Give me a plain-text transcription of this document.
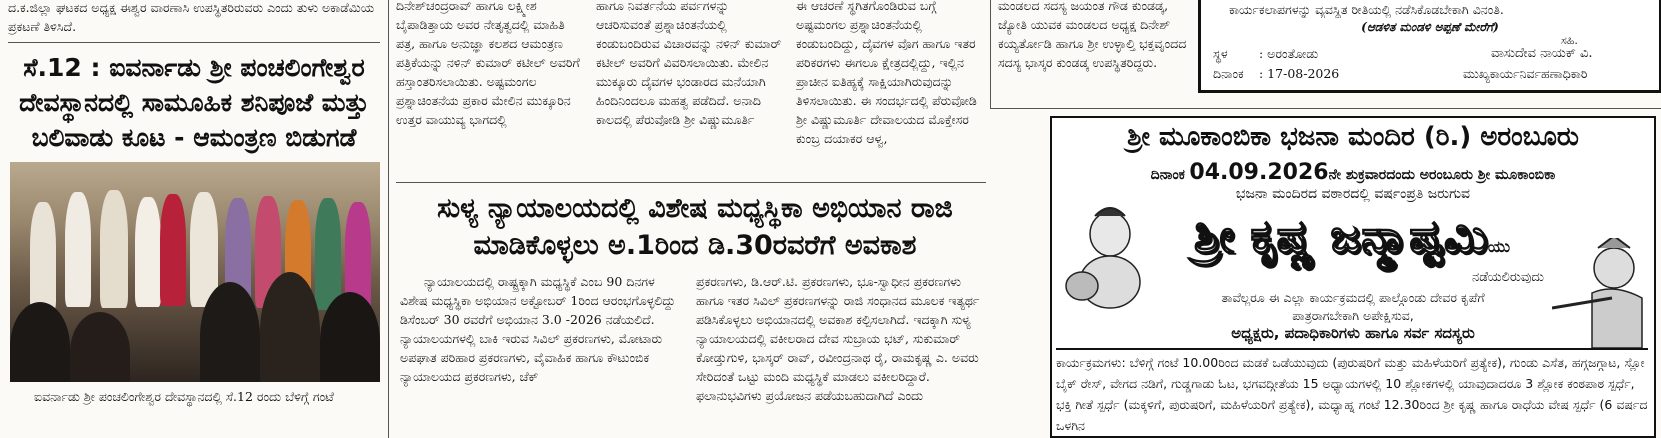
ದ.ಕ.ಜಿಲ್ಲಾ ಘಟಕದ ಅಧ್ಯಕ್ಷ ಈಶ್ವರ ವಾರಣಾಸಿ ಉಪಸ್ಥಿತರಿರುವರು ಎಂದು ತುಳು ಅಕಾಡೆಮಿಯ ಪ್ರಕಟಣೆ ತಿಳಿಸಿದೆ.
ಸೆ.12 : ಐವರ್ನಾಡು ಶ್ರೀ ಪಂಚಲಿಂಗೇಶ್ವರ ದೇವಸ್ಥಾನದಲ್ಲಿ ಸಾಮೂಹಿಕ ಶನಿಪೂಜೆ ಮತ್ತು ಬಲಿವಾಡು ಕೂಟ - ಆಮಂತ್ರಣ ಬಿಡುಗಡೆ
ಐವರ್ನಾಡು ಶ್ರೀ ಪಂಚಲಿಂಗೇಶ್ವರ ದೇವಸ್ಥಾನದಲ್ಲಿ ಸೆ.12 ರಂದು ಬೆಳಿಗ್ಗೆ ಗಂಟೆ
ದಿನೇಶ್‌ಚಂದ್ರರಾವ್ ಹಾಗೂ ಲಕ್ಷ್ಮೀಶ ಬೈಪಾಡಿತ್ತಾಯ ಅವರ ನೇತೃತ್ವದಲ್ಲಿ ಮಾಹಿತಿ ಪತ್ರ, ಹಾಗೂ ಅನುಜ್ಞಾ ಕಲಶದ ಆಮಂತ್ರಣ ಪತ್ರಿಕೆಯನ್ನು ನಳಿನ್ ಕುಮಾರ್ ಕಟೀಲ್ ಅವರಿಗೆ ಹಸ್ತಾಂತರಿಸಲಾಯಿತು. ಅಷ್ಟಮಂಗಲ ಪ್ರಶ್ನಾಚಿಂತನೆಯ ಪ್ರಕಾರ ಮೇಲಿನ ಮುಕ್ಕೂರಿನ ಉತ್ತರ ವಾಯುವ್ಯ ಭಾಗದಲ್ಲಿ
ಹಾಗೂ ನಿವರ್ತನೆಯ ಪರ್ವಗಳನ್ನು ಆಚರಿಸುವಂತೆ ಪ್ರಶ್ನಾಚಿಂತನೆಯಲ್ಲಿ ಕಂಡುಬಂದಿರುವ ವಿಚಾರವನ್ನು ನಳಿನ್ ಕುಮಾರ್ ಕಟೀಲ್ ಅವರಿಗೆ ವಿವರಿಸಲಾಯಿತು. ಮೇಲಿನ ಮುಕ್ಕೂರು ದೈವಗಳ ಭಂಡಾರದ ಮನೆಯಾಗಿ ಹಿಂದಿನಿಂದಲೂ ಮಹತ್ವ ಪಡೆದಿದೆ. ಅನಾದಿ ಕಾಲದಲ್ಲಿ ಪೆರುವೋಡಿ ಶ್ರೀ ವಿಷ್ಣುಮೂರ್ತಿ
ಈ ಆಚರಣೆ ಸ್ಥಗಿತಗೊಂಡಿರುವ ಬಗ್ಗೆ ಅಷ್ಟಮಂಗಲ ಪ್ರಶ್ನಾಚಿಂತನೆಯಲ್ಲಿ ಕಂಡುಬಂದಿದ್ದು, ದೈವಗಳ ವೊಗ ಹಾಗೂ ಇತರ ಪರಿಕರಗಳು ಈಗಲೂ ಕ್ಷೇತ್ರದಲ್ಲಿದ್ದು, ಇಲ್ಲಿನ ಪ್ರಾಚೀನ ಐತಿಹ್ಯಕ್ಕೆ ಸಾಕ್ಷಿಯಾಗಿರುವುದನ್ನು ತಿಳಿಸಲಾಯಿತು. ಈ ಸಂದರ್ಭದಲ್ಲಿ ಪೆರುವೋಡಿ ಶ್ರೀ ವಿಷ್ಣುಮೂರ್ತಿ ದೇವಾಲಯದ ಮೊಕ್ತೇಸರ ಕುಂಬ್ರ ದಯಾಕರ ಆಳ್ವ,
ಸುಳ್ಯ ನ್ಯಾಯಾಲಯದಲ್ಲಿ ವಿಶೇಷ ಮಧ್ಯಸ್ಥಿಕಾ ಅಭಿಯಾನ ರಾಜಿ ಮಾಡಿಕೊಳ್ಳಲು ಅ.1ರಿಂದ ಡಿ.30ರವರೆಗೆ ಅವಕಾಶ
ನ್ಯಾಯಾಲಯದಲ್ಲಿ ರಾಷ್ಟ್ರಕ್ಕಾಗಿ ಮಧ್ಯಸ್ಥಿಕೆ ಎಂಬ 90 ದಿನಗಳ ವಿಶೇಷ ಮಧ್ಯಸ್ಥಿಕಾ ಅಭಿಯಾನ ಅಕ್ಟೋಬರ್ 1ರಿಂದ ಆರಂಭಗೊಳ್ಳಲಿದ್ದು ಡಿಸೆಂಬರ್ 30 ರವರೆಗೆ ಅಭಿಯಾನ 3.0 -2026 ನಡೆಯಲಿದೆ. ನ್ಯಾಯಾಲಯಗಳಲ್ಲಿ ಬಾಕಿ ಇರುವ ಸಿವಿಲ್ ಪ್ರಕರಣಗಳು, ಮೋಟಾರು ಅಪಘಾತ ಪರಿಹಾರ ಪ್ರಕರಣಗಳು, ವೈವಾಹಿಕ ಹಾಗೂ ಕೌಟುಂಬಿಕ ನ್ಯಾಯಾಲಯದ ಪ್ರಕರಣಗಳು, ಚೆಕ್
ಪ್ರಕರಣಗಳು, ಡಿ.ಆರ್.ಟಿ. ಪ್ರಕರಣಗಳು, ಭೂ-ಸ್ವಾಧೀನ ಪ್ರಕರಣಗಳು ಹಾಗೂ ಇತರ ಸಿವಿಲ್ ಪ್ರಕರಣಗಳನ್ನು ರಾಜಿ ಸಂಧಾನದ ಮೂಲಕ ಇತ್ಯರ್ಥ ಪಡಿಸಿಕೊಳ್ಳಲು ಅಭಿಯಾನದಲ್ಲಿ ಅವಕಾಶ ಕಲ್ಪಿಸಲಾಗಿದೆ. ಇದಕ್ಕಾಗಿ ಸುಳ್ಯ ನ್ಯಾಯಾಲಯದಲ್ಲಿ ವಕೀಲರಾದ ದೇವ ಸುಬ್ರಾಯ ಭಟ್, ಸುಕುಮಾರ್ ಕೋಡ್ತುಗುಳಿ, ಭಾಸ್ಕರ್ ರಾವ್, ರವೀಂದ್ರನಾಥ ರೈ, ರಾಮಕೃಷ್ಣ ಎ. ಅವರು ಸೇರಿದಂತೆ ಒಟ್ಟು ಮಂದಿ ಮಧ್ಯಸ್ಥಿಕೆ ಮಾಡಲು ವಕೀಲರಿದ್ದಾರೆ. ಫಲಾನುಭವಿಗಳು ಪ್ರಯೋಜನ ಪಡೆಯಬಹುದಾಗಿದೆ ಎಂದು
ಮಂಡಲದ ಸದಸ್ಯ ಜಯಂತ ಗೌಡ ಕುಂಡಡ್ಕ, ಜ್ಯೋತಿ ಯುವಕ ಮಂಡಲದ ಅಧ್ಯಕ್ಷ ದಿನೇಶ್ ಕಯ್ಯರ್ತೋಡಿ ಹಾಗೂ ಶ್ರೀ ಉಳ್ಳಾಲ್ತಿ ಭಕ್ತವೃಂದದ ಸದಸ್ಯ ಭಾಸ್ಕರ ಕುಂಡಡ್ಕ ಉಪಸ್ಥಿತರಿದ್ದರು.
ಕಾರ್ಯಕಲಾಪಗಳನ್ನು ವ್ಯವಸ್ಥಿತ ರೀತಿಯಲ್ಲಿ ನಡೆಸಿಕೊಡಬೇಕಾಗಿ ವಿನಂತಿ.
(ಆಡಳಿತ ಮಂಡಳಿ ಅಪ್ಪಣೆ ಮೇರೆಗೆ)
ಸಹಿ.
ಸ್ಥಳ	: ಅರಂತೋಡು
ದಿನಾಂಕ : 17-08-2026
ವಾಸುದೇವ ನಾಯಕ್ ವಿ.
ಮುಖ್ಯಕಾರ್ಯನಿರ್ವಹಣಾಧಿಕಾರಿ
ಶ್ರೀ ಮೂಕಾಂಬಿಕಾ ಭಜನಾ ಮಂದಿರ (ರಿ.) ಅರಂಬೂರು
ದಿನಾಂಕ 04.09.2026ನೇ ಶುಕ್ರವಾರದಂದು ಅರಂಬೂರು ಶ್ರೀ ಮೂಕಾಂಬಿಕಾ
ಭಜನಾ ಮಂದಿರದ ವಠಾರದಲ್ಲಿ ವರ್ಷಂಪ್ರತಿ ಜರುಗುವ
ಶ್ರೀ ಕೃಷ್ಣ ಜನ್ಮಾಷ್ಟಮಿಯು
ನಡೆಯಲಿರುವುದು
ತಾವೆಲ್ಲರೂ ಈ ಎಲ್ಲಾ ಕಾರ್ಯಕ್ರಮದಲ್ಲಿ ಪಾಲ್ಗೊಂಡು ದೇವರ ಕೃಪೆಗೆ
ಪಾತ್ರರಾಗಬೇಕಾಗಿ ಅಪೇಕ್ಷಿಸುವ,
ಅಧ್ಯಕ್ಷರು, ಪದಾಧಿಕಾರಿಗಳು ಹಾಗೂ ಸರ್ವ ಸದಸ್ಯರು
ಕಾರ್ಯಕ್ರಮಗಳು: ಬೆಳಿಗ್ಗೆ ಗಂಟೆ 10.00ರಿಂದ ಮಡಕೆ ಒಡೆಯುವುದು (ಪುರುಷರಿಗೆ ಮತ್ತು ಮಹಿಳೆಯರಿಗೆ ಪ್ರತ್ಯೇಕ), ಗುಂಡು ಎಸೆತ, ಹಗ್ಗಜಗ್ಗಾಟ, ಸ್ಲೋ ಬೈಕ್ ರೇಸ್, ವೇಗದ ನಡಿಗೆ, ಗುಡ್ಡಗಾಡು ಓಟ, ಭಗವದ್ಗೀತೆಯ 15 ಅಧ್ಯಾಯಗಳಲ್ಲಿ 10 ಶ್ಲೋಕಗಳಲ್ಲಿ ಯಾವುದಾದರೂ 3 ಶ್ಲೋಕ ಕಂಠಪಾಠ ಸ್ಪರ್ಧೆ, ಭಕ್ತಿ ಗೀತೆ ಸ್ಪರ್ಧೆ (ಮಕ್ಕಳಿಗೆ, ಪುರುಷರಿಗೆ, ಮಹಿಳೆಯರಿಗೆ ಪ್ರತ್ಯೇಕ), ಮಧ್ಯಾಹ್ನ ಗಂಟೆ 12.30ರಿಂದ ಶ್ರೀ ಕೃಷ್ಣ ಹಾಗೂ ರಾಧೆಯ ವೇಷ ಸ್ಪರ್ಧೆ (6 ವರ್ಷದ ಒಳಗಿನ
